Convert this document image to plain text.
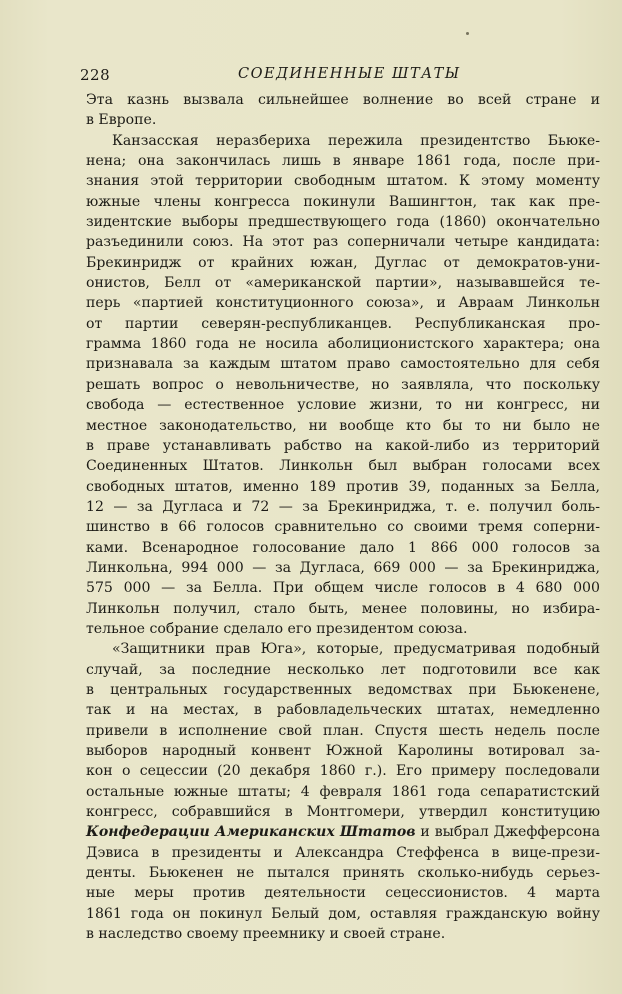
228	СОЕДИНЕННЫЕ ШТАТЫ
Эта казнь вызвала сильнейшее волнение во всей стране и
в Европе.
Канзасская неразбериха пережила президентство Бьюке-
нена; она закончилась лишь в январе 1861 года, после при-
знания этой территории свободным штатом. К этому моменту
южные члены конгресса покинули Вашингтон, так как пре-
зидентские выборы предшествующего года (1860) окончательно
разъединили союз. На этот раз соперничали четыре кандидата:
Брекинридж от крайних южан, Дуглас от демократов-уни-
онистов, Белл от «американской партии», называвшейся те-
перь «партией конституционного союза», и Авраам Линкольн
от партии северян-республиканцев. Республиканская про-
грамма 1860 года не носила аболиционистского характера; она
признавала за каждым штатом право самостоятельно для себя
решать вопрос о невольничестве, но заявляла, что поскольку
свобода — естественное условие жизни, то ни конгресс, ни
местное законодательство, ни вообще кто бы то ни было не
в праве устанавливать рабство на какой-либо из территорий
Соединенных Штатов. Линкольн был выбран голосами всех
свободных штатов, именно 189 против 39, поданных за Белла,
12 — за Дугласа и 72 — за Брекинриджа, т. е. получил боль-
шинство в 66 голосов сравнительно со своими тремя соперни-
ками. Всенародное голосование дало 1 866 000 голосов за
Линкольна, 994 000 — за Дугласа, 669 000 — за Брекинриджа,
575 000 — за Белла. При общем числе голосов в 4 680 000
Линкольн получил, стало быть, менее половины, но избира-
тельное собрание сделало его президентом союза.
«Защитники прав Юга», которые, предусматривая подобный
случай, за последние несколько лет подготовили все как
в центральных государственных ведомствах при Бьюкенене,
так и на местах, в рабовладельческих штатах, немедленно
привели в исполнение свой план. Спустя шесть недель после
выборов народный конвент Южной Каролины вотировал за-
кон о сецессии (20 декабря 1860 г.). Его примеру последовали
остальные южные штаты; 4 февраля 1861 года сепаратистский
конгресс, собравшийся в Монтгомери, утвердил конституцию
Конфедерации Американских Штатов и выбрал Джефферсона
Дэвиса в президенты и Александра Стеффенса в вице-прези-
денты. Бьюкенен не пытался принять сколько-нибудь серьез-
ные меры против деятельности сецессионистов. 4 марта
1861 года он покинул Белый дом, оставляя гражданскую войну
в наследство своему преемнику и своей стране.
